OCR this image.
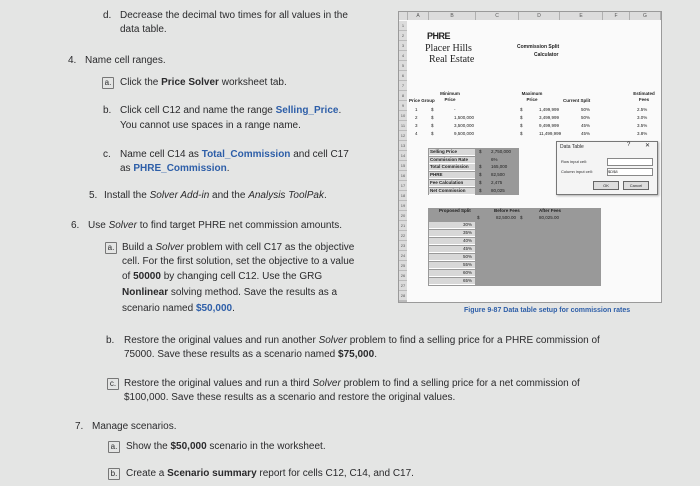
d. Decrease the decimal two times for all values in the
data table.
4. Name cell ranges.
a. Click the Price Solver worksheet tab.
b. Click cell C12 and name the range Selling_Price.
You cannot use spaces in a range name.
c. Name cell C14 as Total_Commission and cell C17
as PHRE_Commission.
5. Install the Solver Add-in and the Analysis ToolPak.
6. Use Solver to find target PHRE net commission amounts.
a. Build a Solver problem with cell C17 as the objective
cell. For the first solution, set the objective to a value
of 50000 by changing cell C12. Use the GRG
Nonlinear solving method. Save the results as a
scenario named $50,000.
b. Restore the original values and run another Solver problem to find a selling price for a PHRE commission of
75000. Save these results as a scenario named $75,000.
c. Restore the original values and run a third Solver problem to find a selling price for a net commission of
$100,000. Save these results as a scenario and restore the original values.
7. Manage scenarios.
a. Show the $50,000 scenario in the worksheet.
b. Create a Scenario summary report for cells C12, C14, and C17.
A	B	C	D	E	F	G
PHRE
Placer Hills
Real Estate
Commission Split
Calculator
Price Group
Minimum Price
Maximum Price	Current Split
Estimated Fees
1	$	-	$	1,499,999	50%	2.5%
2	$	1,500,000	$	3,499,999	50%	3.0%
3	$	3,500,000	$	9,499,999	45%	3.5%
4	$	9,500,000	$	11,499,999	45%	3.8%
Selling Price	$ 2,750,000
Commission Rate	6%
Total Commission $ 165,000
PHRE	$ 82,500
Fee Calculation	$ 2,475
Net Commission	$ 80,025
Proposed Split	Before Fees	After Fees
$	82,500.00 $	80,025.00
30%
35%
40%
45%
50%
55%
60%
65%
1
2
3
4
5
6
7
8
9
10
11
12
13
14
15
16
17
18
19
20
21
22
23
24
25
26
27
28
Data Table	? ✕
Row input cell:
Column input cell:	$D$8
OK	Cancel
Figure 9-87 Data table setup for commission rates
